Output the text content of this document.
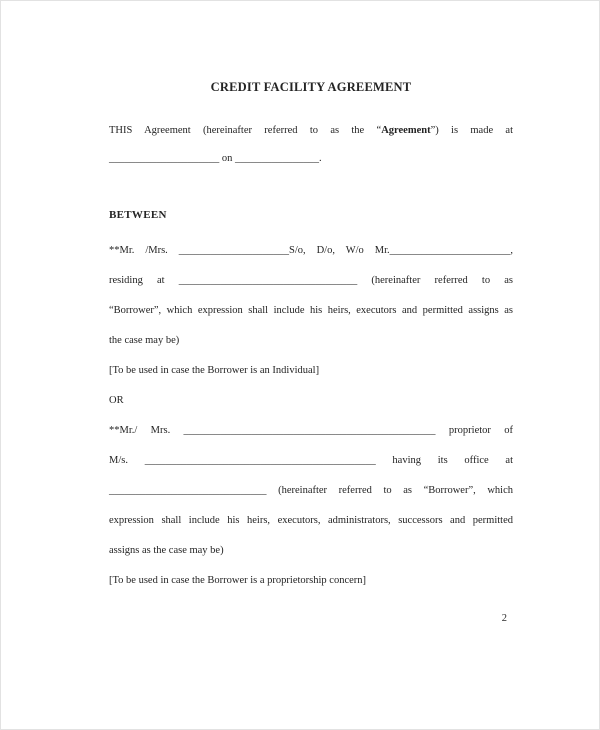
CREDIT FACILITY AGREEMENT

THIS Agreement (hereinafter referred to as the “Agreement”) is made at

_____________________ on ________________.

BETWEEN

**Mr. /Mrs. _____________________S/o, D/o, W/o Mr._______________________,

residing at __________________________________ (hereinafter referred to as

“Borrower”, which expression shall include his heirs, executors and permitted assigns as

the case may be)

[To be used in case the Borrower is an Individual]

OR

**Mr./ Mrs. ________________________________________________ proprietor of

M/s. ____________________________________________ having its office at

______________________________ (hereinafter referred to as “Borrower”, which

expression shall include his heirs, executors, administrators, successors and permitted

assigns as the case may be)

[To be used in case the Borrower is a proprietorship concern]

2
